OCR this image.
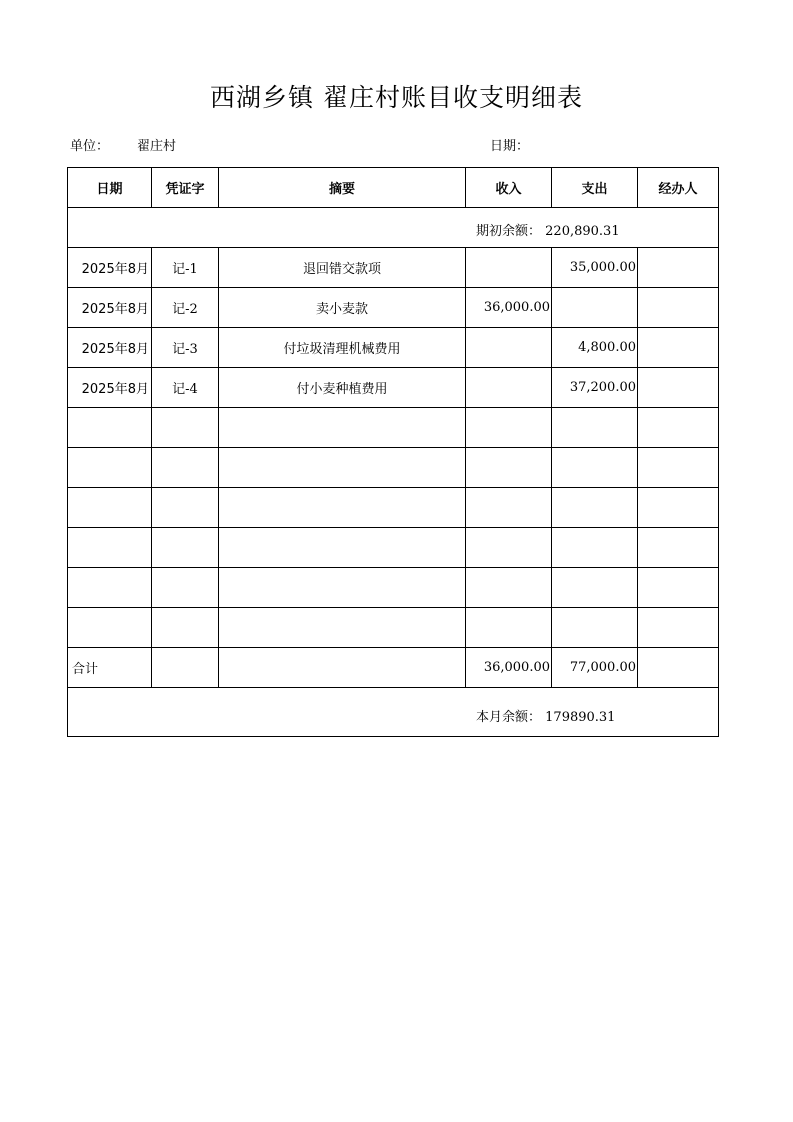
西湖乡镇 翟庄村账目收支明细表
单位： 翟庄村	日期：
日期	凭证字	摘要	收入	支出	经办人

期初余额： 220,890.31					

2025年8月	记-1	退回错交款项		35,000.00	
2025年8月	记-2	卖小麦款	36,000.00		
2025年8月	记-3	付垃圾清理机械费用		4,800.00	
2025年8月	记-4	付小麦种植费用		37,200.00	

合计			36,000.00	77,000.00	

本月余额： 179890.31					
